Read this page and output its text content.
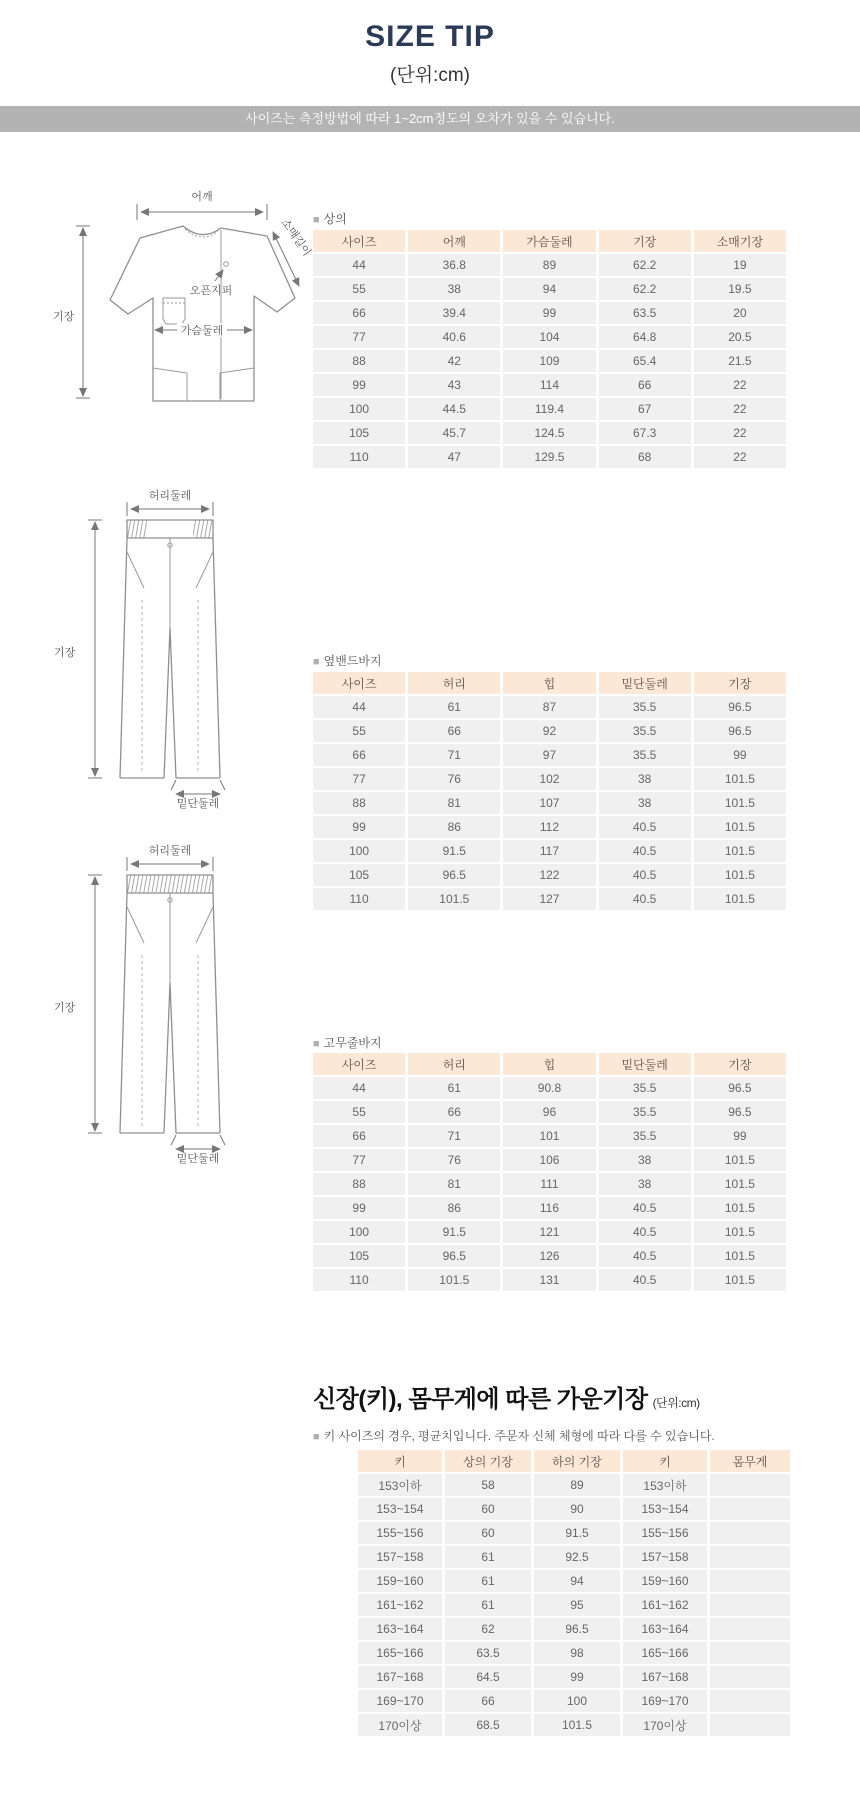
SIZE TIP
(단위:cm)
사이즈는 측정방법에 따라 1~2cm정도의 오차가 있을 수 있습니다.
어깨
기장
소매길이
오픈지퍼
가슴둘레
허리둘레
기장
밑단둘레
허리둘레
기장
밑단둘레
■ 상의
사이즈	어깨	가슴둘레	기장	소매기장
44	36.8	89	62.2	19
55	38	94	62.2	19.5
66	39.4	99	63.5	20
77	40.6	104	64.8	20.5
88	42	109	65.4	21.5
99	43	114	66	22
100	44.5	119.4	67	22
105	45.7	124.5	67.3	22
110	47	129.5	68	22
■ 옆밴드바지
사이즈	허리	힙	밑단둘레	기장
44	61	87	35.5	96.5
55	66	92	35.5	96.5
66	71	97	35.5	99
77	76	102	38	101.5
88	81	107	38	101.5
99	86	112	40.5	101.5
100	91.5	117	40.5	101.5
105	96.5	122	40.5	101.5
110	101.5	127	40.5	101.5
■ 고무줄바지
사이즈	허리	힙	밑단둘레	기장
44	61	90.8	35.5	96.5
55	66	96	35.5	96.5
66	71	101	35.5	99
77	76	106	38	101.5
88	81	111	38	101.5
99	86	116	40.5	101.5
100	91.5	121	40.5	101.5
105	96.5	126	40.5	101.5
110	101.5	131	40.5	101.5
신장(키), 몸무게에 따른 가운기장 (단위:cm)
■ 키 사이즈의 경우, 평균치입니다. 주문자 신체 체형에 따라 다를 수 있습니다.
키	상의 기장	하의 기장	키	몸무게
153이하	58	89	153이하	
153~154	60	90	153~154	
155~156	60	91.5	155~156	
157~158	61	92.5	157~158	
159~160	61	94	159~160	
161~162	61	95	161~162	
163~164	62	96.5	163~164	
165~166	63.5	98	165~166	
167~168	64.5	99	167~168	
169~170	66	100	169~170	
170이상	68.5	101.5	170이상	
